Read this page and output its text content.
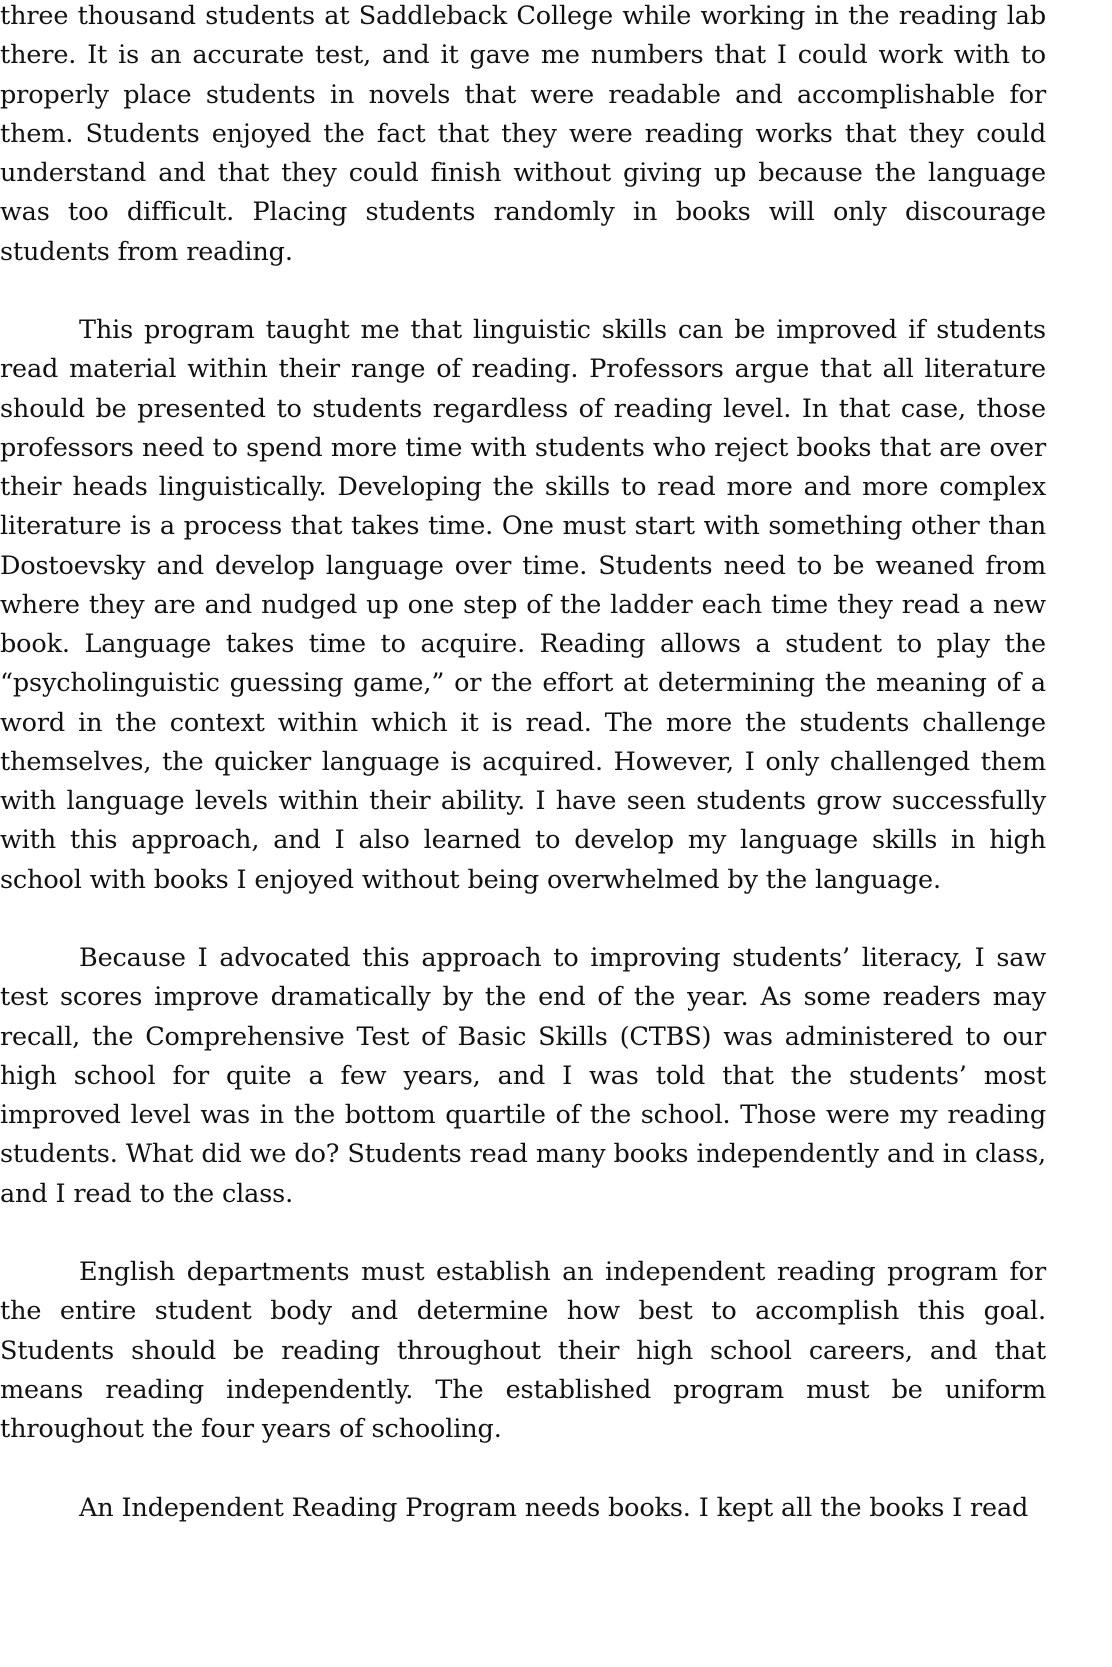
three thousand students at Saddleback College while working in the reading lab there. It is an accurate test, and it gave me numbers that I could work with to properly place students in novels that were readable and accomplishable for them. Students enjoyed the fact that they were reading works that they could understand and that they could finish without giving up because the language was too difficult. Placing students randomly in books will only discourage students from reading.

This program taught me that linguistic skills can be improved if students read material within their range of reading. Professors argue that all literature should be presented to students regardless of reading level. In that case, those professors need to spend more time with students who reject books that are over their heads linguistically. Developing the skills to read more and more complex literature is a process that takes time. One must start with something other than Dostoevsky and develop language over time. Students need to be weaned from where they are and nudged up one step of the ladder each time they read a new book. Language takes time to acquire. Reading allows a student to play the “psycholinguistic guessing game,” or the effort at determining the meaning of a word in the context within which it is read. The more the students challenge themselves, the quicker language is acquired. However, I only challenged them with language levels within their ability. I have seen students grow successfully with this approach, and I also learned to develop my language skills in high school with books I enjoyed without being overwhelmed by the language.

Because I advocated this approach to improving students’ literacy, I saw test scores improve dramatically by the end of the year. As some readers may recall, the Comprehensive Test of Basic Skills (CTBS) was administered to our high school for quite a few years, and I was told that the students’ most improved level was in the bottom quartile of the school. Those were my reading students. What did we do? Students read many books independently and in class, and I read to the class.

English departments must establish an independent reading program for the entire student body and determine how best to accomplish this goal. Students should be reading throughout their high school careers, and that means reading independently. The established program must be uniform throughout the four years of schooling.

An Independent Reading Program needs books. I kept all the books I read
